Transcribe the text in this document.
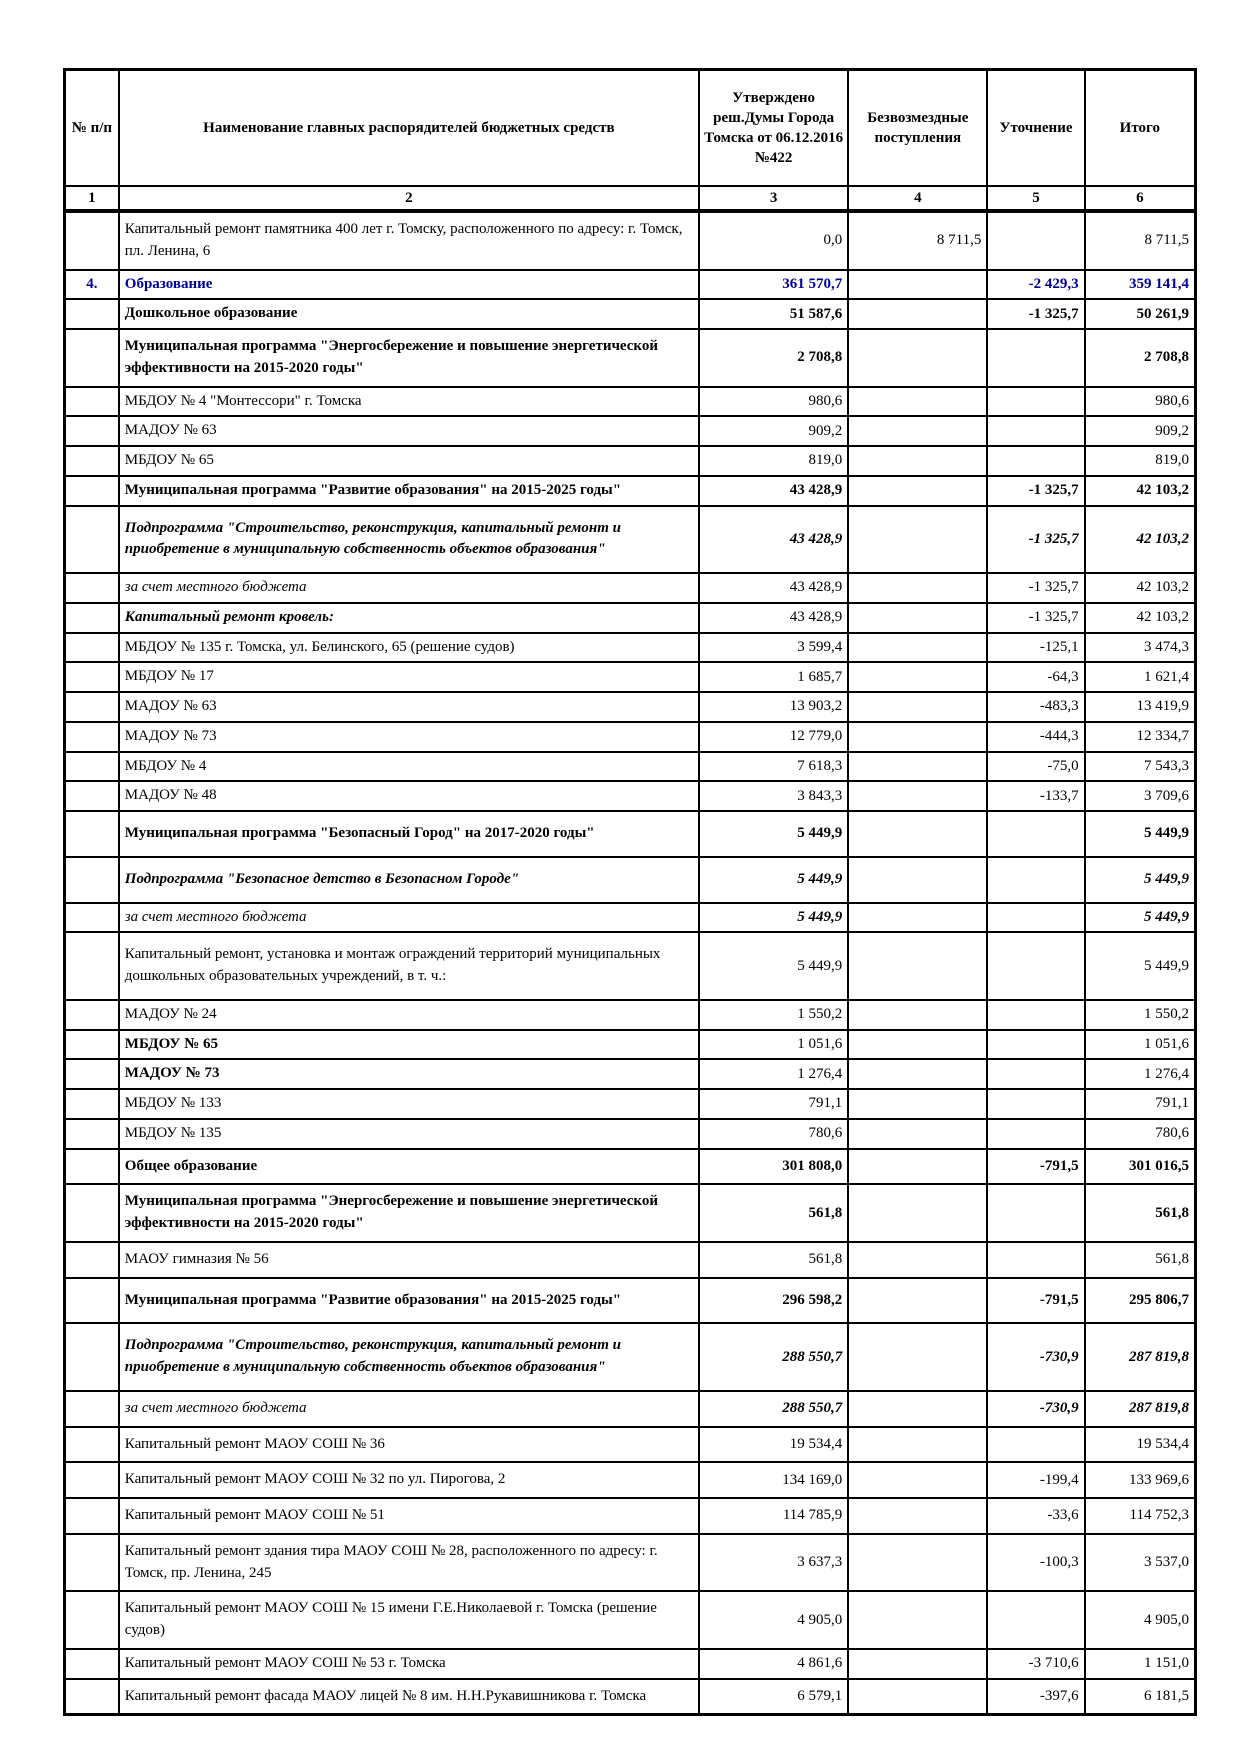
№ п/п	Наименование главных распорядителей бюджетных средств	Утверждено реш.Думы Города Томска от 06.12.2016 №422	Безвозмездные поступления	Уточнение	Итого
1	2	3	4	5	6
	Капитальный ремонт памятника 400 лет г. Томску, расположенного по адресу: г. Томск, пл. Ленина, 6	0,0	8 711,5		8 711,5
4.	Образование	361 570,7		-2 429,3	359 141,4
	Дошкольное образование	51 587,6		-1 325,7	50 261,9
	Муниципальная программа "Энергосбережение и повышение энергетической эффективности на 2015-2020 годы"	2 708,8			2 708,8
	МБДОУ № 4 "Монтессори" г. Томска	980,6			980,6
	МАДОУ № 63	909,2			909,2
	МБДОУ № 65	819,0			819,0
	Муниципальная программа "Развитие образования" на 2015-2025 годы"	43 428,9		-1 325,7	42 103,2
	Подпрограмма "Строительство, реконструкция, капитальный ремонт и приобретение в муниципальную собственность объектов образования"	43 428,9		-1 325,7	42 103,2
	за счет местного бюджета	43 428,9		-1 325,7	42 103,2
	Капитальный ремонт кровель:	43 428,9		-1 325,7	42 103,2
	МБДОУ № 135 г. Томска, ул. Белинского, 65 (решение судов)	3 599,4		-125,1	3 474,3
	МБДОУ № 17	1 685,7		-64,3	1 621,4
	МАДОУ № 63	13 903,2		-483,3	13 419,9
	МАДОУ № 73	12 779,0		-444,3	12 334,7
	МБДОУ № 4	7 618,3		-75,0	7 543,3
	МАДОУ № 48	3 843,3		-133,7	3 709,6
	Муниципальная программа "Безопасный Город" на 2017-2020 годы"	5 449,9			5 449,9
	Подпрограмма "Безопасное детство в Безопасном Городе"	5 449,9			5 449,9
	за счет местного бюджета	5 449,9			5 449,9
	Капитальный ремонт, установка и монтаж ограждений территорий муниципальных дошкольных образовательных учреждений, в т. ч.:	5 449,9			5 449,9
	МАДОУ № 24	1 550,2			1 550,2
	МБДОУ № 65	1 051,6			1 051,6
	МАДОУ № 73	1 276,4			1 276,4
	МБДОУ № 133	791,1			791,1
	МБДОУ № 135	780,6			780,6
	Общее образование	301 808,0		-791,5	301 016,5
	Муниципальная программа "Энергосбережение и повышение энергетической эффективности на 2015-2020 годы"	561,8			561,8
	МАОУ гимназия № 56	561,8			561,8
	Муниципальная программа "Развитие образования" на 2015-2025 годы"	296 598,2		-791,5	295 806,7
	Подпрограмма "Строительство, реконструкция, капитальный ремонт и приобретение в муниципальную собственность объектов образования"	288 550,7		-730,9	287 819,8
	за счет местного бюджета	288 550,7		-730,9	287 819,8
	Капитальный ремонт МАОУ СОШ № 36	19 534,4			19 534,4
	Капитальный ремонт МАОУ СОШ № 32 по ул. Пирогова, 2	134 169,0		-199,4	133 969,6
	Капитальный ремонт МАОУ СОШ № 51	114 785,9		-33,6	114 752,3
	Капитальный ремонт здания тира МАОУ СОШ № 28, расположенного по адресу: г. Томск, пр. Ленина, 245	3 637,3		-100,3	3 537,0
	Капитальный ремонт МАОУ СОШ № 15 имени Г.Е.Николаевой г. Томска (решение судов)	4 905,0			4 905,0
	Капитальный ремонт МАОУ СОШ № 53 г. Томска	4 861,6		-3 710,6	1 151,0
	Капитальный ремонт фасада МАОУ лицей № 8 им. Н.Н.Рукавишникова г. Томска	6 579,1		-397,6	6 181,5
